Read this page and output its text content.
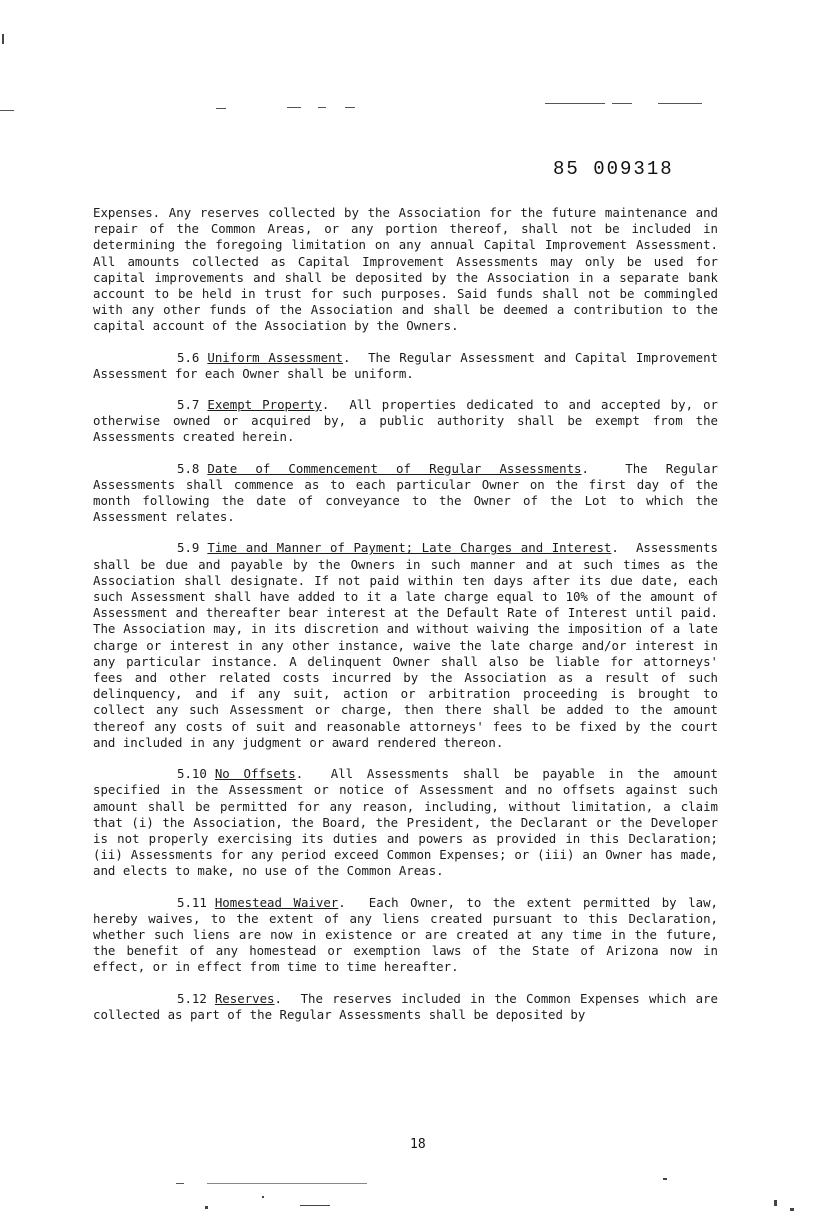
85 009318

Expenses. Any reserves collected by the Association for the future maintenance and repair of the Common Areas, or any portion thereof, shall not be included in determining the foregoing limitation on any annual Capital Improvement Assessment. All amounts collected as Capital Improvement Assessments may only be used for capital improvements and shall be deposited by the Association in a separate bank account to be held in trust for such purposes. Said funds shall not be commingled with any other funds of the Association and shall be deemed a contribution to the capital account of the Association by the Owners.

5.6 Uniform Assessment.  The Regular Assessment and Capital Improvement Assessment for each Owner shall be uniform.

5.7 Exempt Property.  All properties dedicated to and accepted by, or otherwise owned or acquired by, a public authority shall be exempt from the Assessments created herein.

5.8 Date of Commencement of Regular Assessments.  The Regular Assessments shall commence as to each particular Owner on the first day of the month following the date of conveyance to the Owner of the Lot to which the Assessment relates.

5.9 Time and Manner of Payment; Late Charges and Interest.  Assessments shall be due and payable by the Owners in such manner and at such times as the Association shall designate. If not paid within ten days after its due date, each such Assessment shall have added to it a late charge equal to 10% of the amount of Assessment and thereafter bear interest at the Default Rate of Interest until paid. The Association may, in its discretion and without waiving the imposition of a late charge or interest in any other instance, waive the late charge and/or interest in any particular instance. A delinquent Owner shall also be liable for attorneys' fees and other related costs incurred by the Association as a result of such delinquency, and if any suit, action or arbitration proceeding is brought to collect any such Assessment or charge, then there shall be added to the amount thereof any costs of suit and reasonable attorneys' fees to be fixed by the court and included in any judgment or award rendered thereon.

5.10 No Offsets.  All Assessments shall be payable in the amount specified in the Assessment or notice of Assessment and no offsets against such amount shall be permitted for any reason, including, without limitation, a claim that (i) the Association, the Board, the President, the Declarant or the Developer is not properly exercising its duties and powers as provided in this Declaration; (ii) Assessments for any period exceed Common Expenses; or (iii) an Owner has made, and elects to make, no use of the Common Areas.

5.11 Homestead Waiver.  Each Owner, to the extent permitted by law, hereby waives, to the extent of any liens created pursuant to this Declaration, whether such liens are now in existence or are created at any time in the future, the benefit of any homestead or exemption laws of the State of Arizona now in effect, or in effect from time to time hereafter.

5.12 Reserves.  The reserves included in the Common Expenses which are collected as part of the Regular Assessments shall be deposited by

18
